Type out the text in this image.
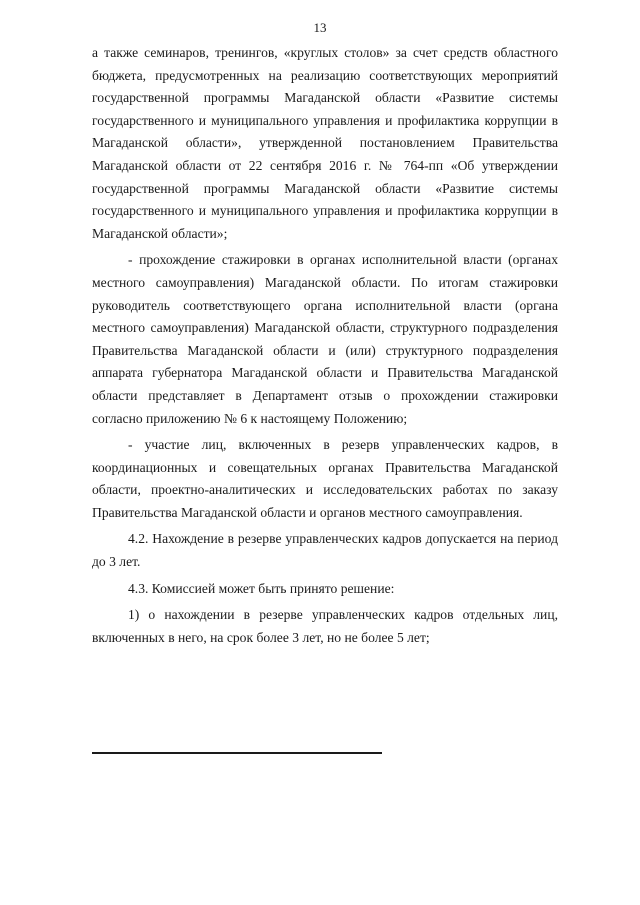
13

а также семинаров, тренингов, «круглых столов» за счет средств областного бюджета, предусмотренных на реализацию соответствующих мероприятий государственной программы Магаданской области «Развитие системы государственного и муниципального управления и профилактика коррупции в Магаданской области», утвержденной постановлением Правительства Магаданской области от 22 сентября 2016 г. № 764-пп «Об утверждении государственной программы Магаданской области «Развитие системы государственного и муниципального управления и профилактика коррупции в Магаданской области»;

- прохождение стажировки в органах исполнительной власти (органах местного самоуправления) Магаданской области. По итогам стажировки руководитель соответствующего органа исполнительной власти (органа местного самоуправления) Магаданской области, структурного подразделения Правительства Магаданской области и (или) структурного подразделения аппарата губернатора Магаданской области и Правительства Магаданской области представляет в Департамент отзыв о прохождении стажировки согласно приложению № 6 к настоящему Положению;

- участие лиц, включенных в резерв управленческих кадров, в координационных и совещательных органах Правительства Магаданской области, проектно-аналитических и исследовательских работах по заказу Правительства Магаданской области и органов местного самоуправления.

4.2. Нахождение в резерве управленческих кадров допускается на период до 3 лет.

4.3. Комиссией может быть принято решение:

1) о нахождении в резерве управленческих кадров отдельных лиц, включенных в него, на срок более 3 лет, но не более 5 лет;
